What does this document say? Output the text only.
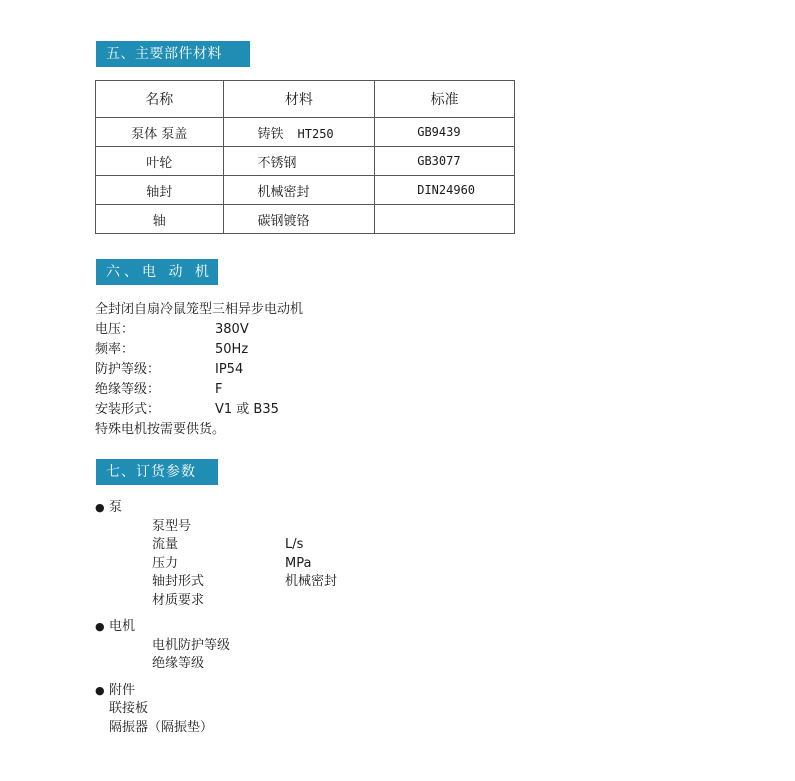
五、主要部件材料
名称	材料	标准
泵体 泵盖	铸铁 HT250	GB9439
叶轮	不锈钢	GB3077
轴封	机械密封	DIN24960
轴	碳钢镀铬	
六、电 动 机
全封闭自扇冷鼠笼型三相异步电动机
电压：	380V
频率：	50Hz
防护等级：	IP54
绝缘等级：	F
安装形式：	V1 或 B35
特殊电机按需要供货。
七、订货参数
● 泵
泵型号
流量	L/s
压力	MPa
轴封形式	机械密封
材质要求
● 电机
电机防护等级
绝缘等级
● 附件
联接板
隔振器（隔振垫）
